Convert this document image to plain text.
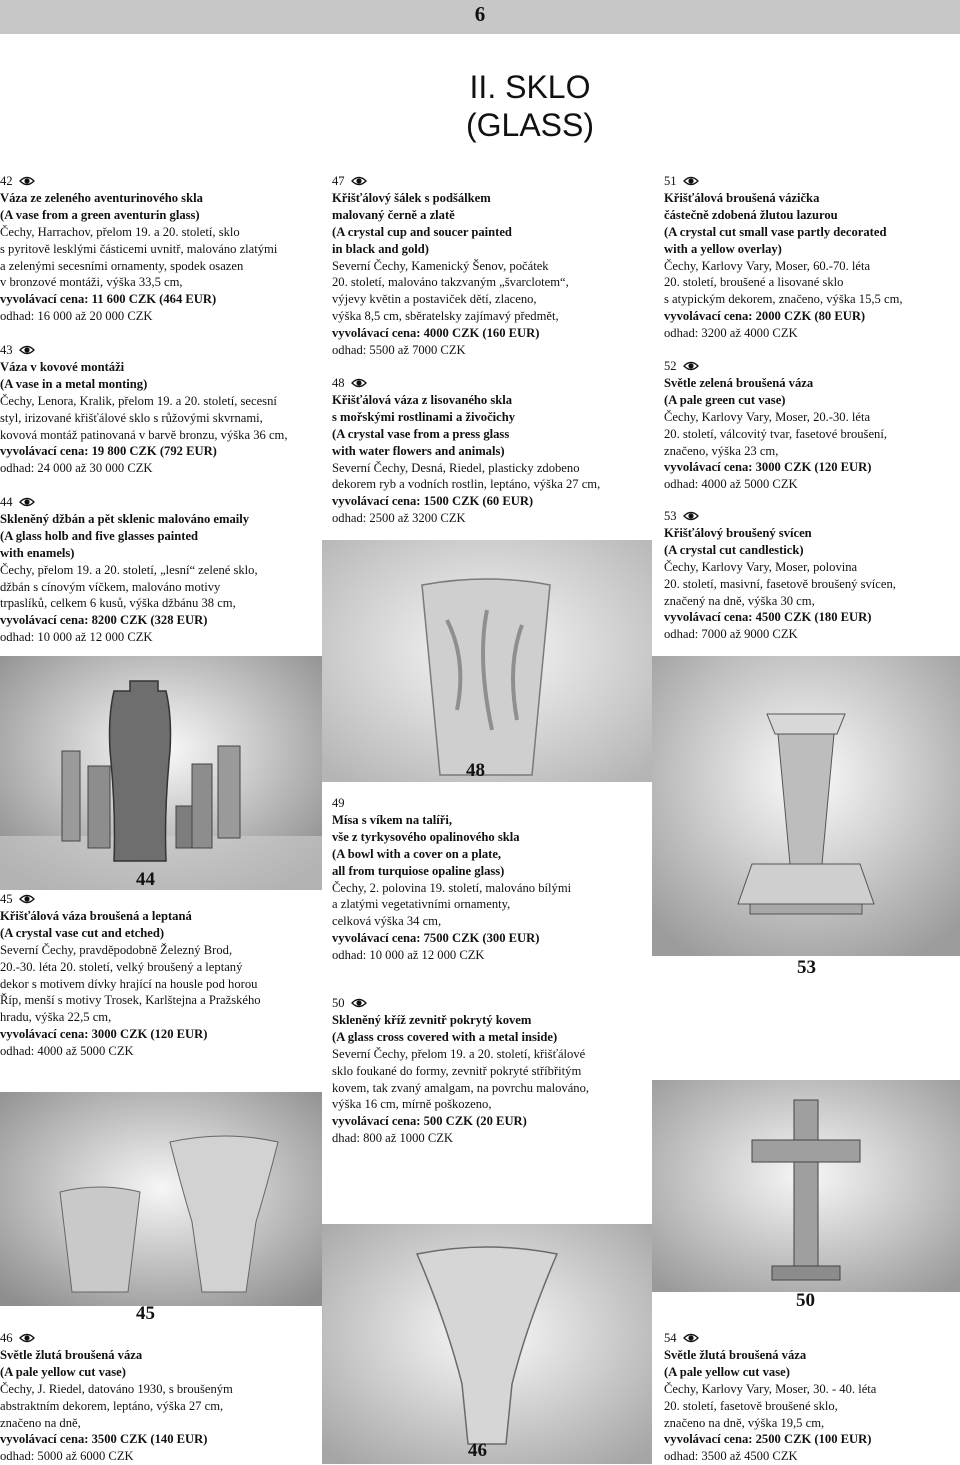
6
II. SKLO
(GLASS)
44
48
53
45
50
46
42
Váza ze zeleného aventurinového skla
(A vase from a green aventurin glass)
Čechy, Harrachov, přelom 19. a 20. století, sklo
s pyritově lesklými částicemi uvnitř, malováno zlatými
a zelenými secesními ornamenty, spodek osazen
v bronzové montáži, výška 33,5 cm,
vyvolávací cena: 11 600 CZK (464 EUR)
odhad: 16 000 až 20 000 CZK
43
Váza v kovové montáži
(A vase in a metal monting)
Čechy, Lenora, Kralik, přelom 19. a 20. století, secesní
styl, irizované křišťálové sklo s růžovými skvrnami,
kovová montáž patinovaná v barvě bronzu, výška 36 cm,
vyvolávací cena: 19 800 CZK (792 EUR)
odhad: 24 000 až 30 000 CZK
44
Skleněný džbán a pět sklenic malováno emaily
(A glass holb and five glasses painted
with enamels)
Čechy, přelom 19. a 20. století, „lesní“ zelené sklo,
džbán s cínovým víčkem, malováno motivy
trpaslíků, celkem 6 kusů, výška džbánu 38 cm,
vyvolávací cena: 8200 CZK (328 EUR)
odhad: 10 000 až 12 000 CZK
45
Křišťálová váza broušená a leptaná
(A crystal vase cut and etched)
Severní Čechy, pravděpodobně Železný Brod,
20.-30. léta 20. století, velký broušený a leptaný
dekor s motivem dívky hrající na housle pod horou
Říp, menší s motivy Trosek, Karlštejna a Pražského
hradu, výška 22,5 cm,
vyvolávací cena: 3000 CZK (120 EUR)
odhad: 4000 až 5000 CZK
46
Světle žlutá broušená váza
(A pale yellow cut vase)
Čechy, J. Riedel, datováno 1930, s broušeným
abstraktním dekorem, leptáno, výška 27 cm,
značeno na dně,
vyvolávací cena: 3500 CZK (140 EUR)
odhad: 5000 až 6000 CZK
47
Křišťálový šálek s podšálkem
malovaný černě a zlatě
(A crystal cup and soucer painted
in black and gold)
Severní Čechy, Kamenický Šenov, počátek
20. století, malováno takzvaným „švarclotem“,
výjevy květin a postaviček dětí, zlaceno,
výška 8,5 cm, sběratelsky zajímavý předmět,
vyvolávací cena: 4000 CZK (160 EUR)
odhad: 5500 až 7000 CZK
48
Křišťálová váza z lisovaného skla
s mořskými rostlinami a živočichy
(A crystal vase from a press glass
with water flowers and animals)
Severní Čechy, Desná, Riedel, plasticky zdobeno
dekorem ryb a vodních rostlin, leptáno, výška 27 cm,
vyvolávací cena: 1500 CZK (60 EUR)
odhad: 2500 až 3200 CZK
49
Mísa s víkem na talíři,
vše z tyrkysového opalinového skla
(A bowl with a cover on a plate,
all from turquiose opaline glass)
Čechy, 2. polovina 19. století, malováno bílými
a zlatými vegetativními ornamenty,
celková výška 34 cm,
vyvolávací cena: 7500 CZK (300 EUR)
odhad: 10 000 až 12 000 CZK
50
Skleněný kříž zevnitř pokrytý kovem
(A glass cross covered with a metal inside)
Severní Čechy, přelom 19. a 20. století, křišťálové
sklo foukané do formy, zevnitř pokryté stříbřitým
kovem, tak zvaný amalgam, na povrchu malováno,
výška 16 cm, mírně poškozeno,
vyvolávací cena: 500 CZK (20 EUR)
dhad: 800 až 1000 CZK
51
Křišťálová broušená vázička
částečně zdobená žlutou lazurou
(A crystal cut small vase partly decorated
with a yellow overlay)
Čechy, Karlovy Vary, Moser, 60.-70. léta
20. století, broušené a lisované sklo
s atypickým dekorem, značeno, výška 15,5 cm,
vyvolávací cena: 2000 CZK (80 EUR)
odhad: 3200 až 4000 CZK
52
Světle zelená broušená váza
(A pale green cut vase)
Čechy, Karlovy Vary, Moser, 20.-30. léta
20. století, válcovitý tvar, fasetové broušení,
značeno, výška 23 cm,
vyvolávací cena: 3000 CZK (120 EUR)
odhad: 4000 až 5000 CZK
53
Křišťálový broušený svícen
(A crystal cut candlestick)
Čechy, Karlovy Vary, Moser, polovina
20. století, masivní, fasetově broušený svícen,
značený na dně, výška 30 cm,
vyvolávací cena: 4500 CZK (180 EUR)
odhad: 7000 až 9000 CZK
54
Světle žlutá broušená váza
(A pale yellow cut vase)
Čechy, Karlovy Vary, Moser, 30. - 40. léta
20. století, fasetově broušené sklo,
značeno na dně, výška 19,5 cm,
vyvolávací cena: 2500 CZK (100 EUR)
odhad: 3500 až 4500 CZK
